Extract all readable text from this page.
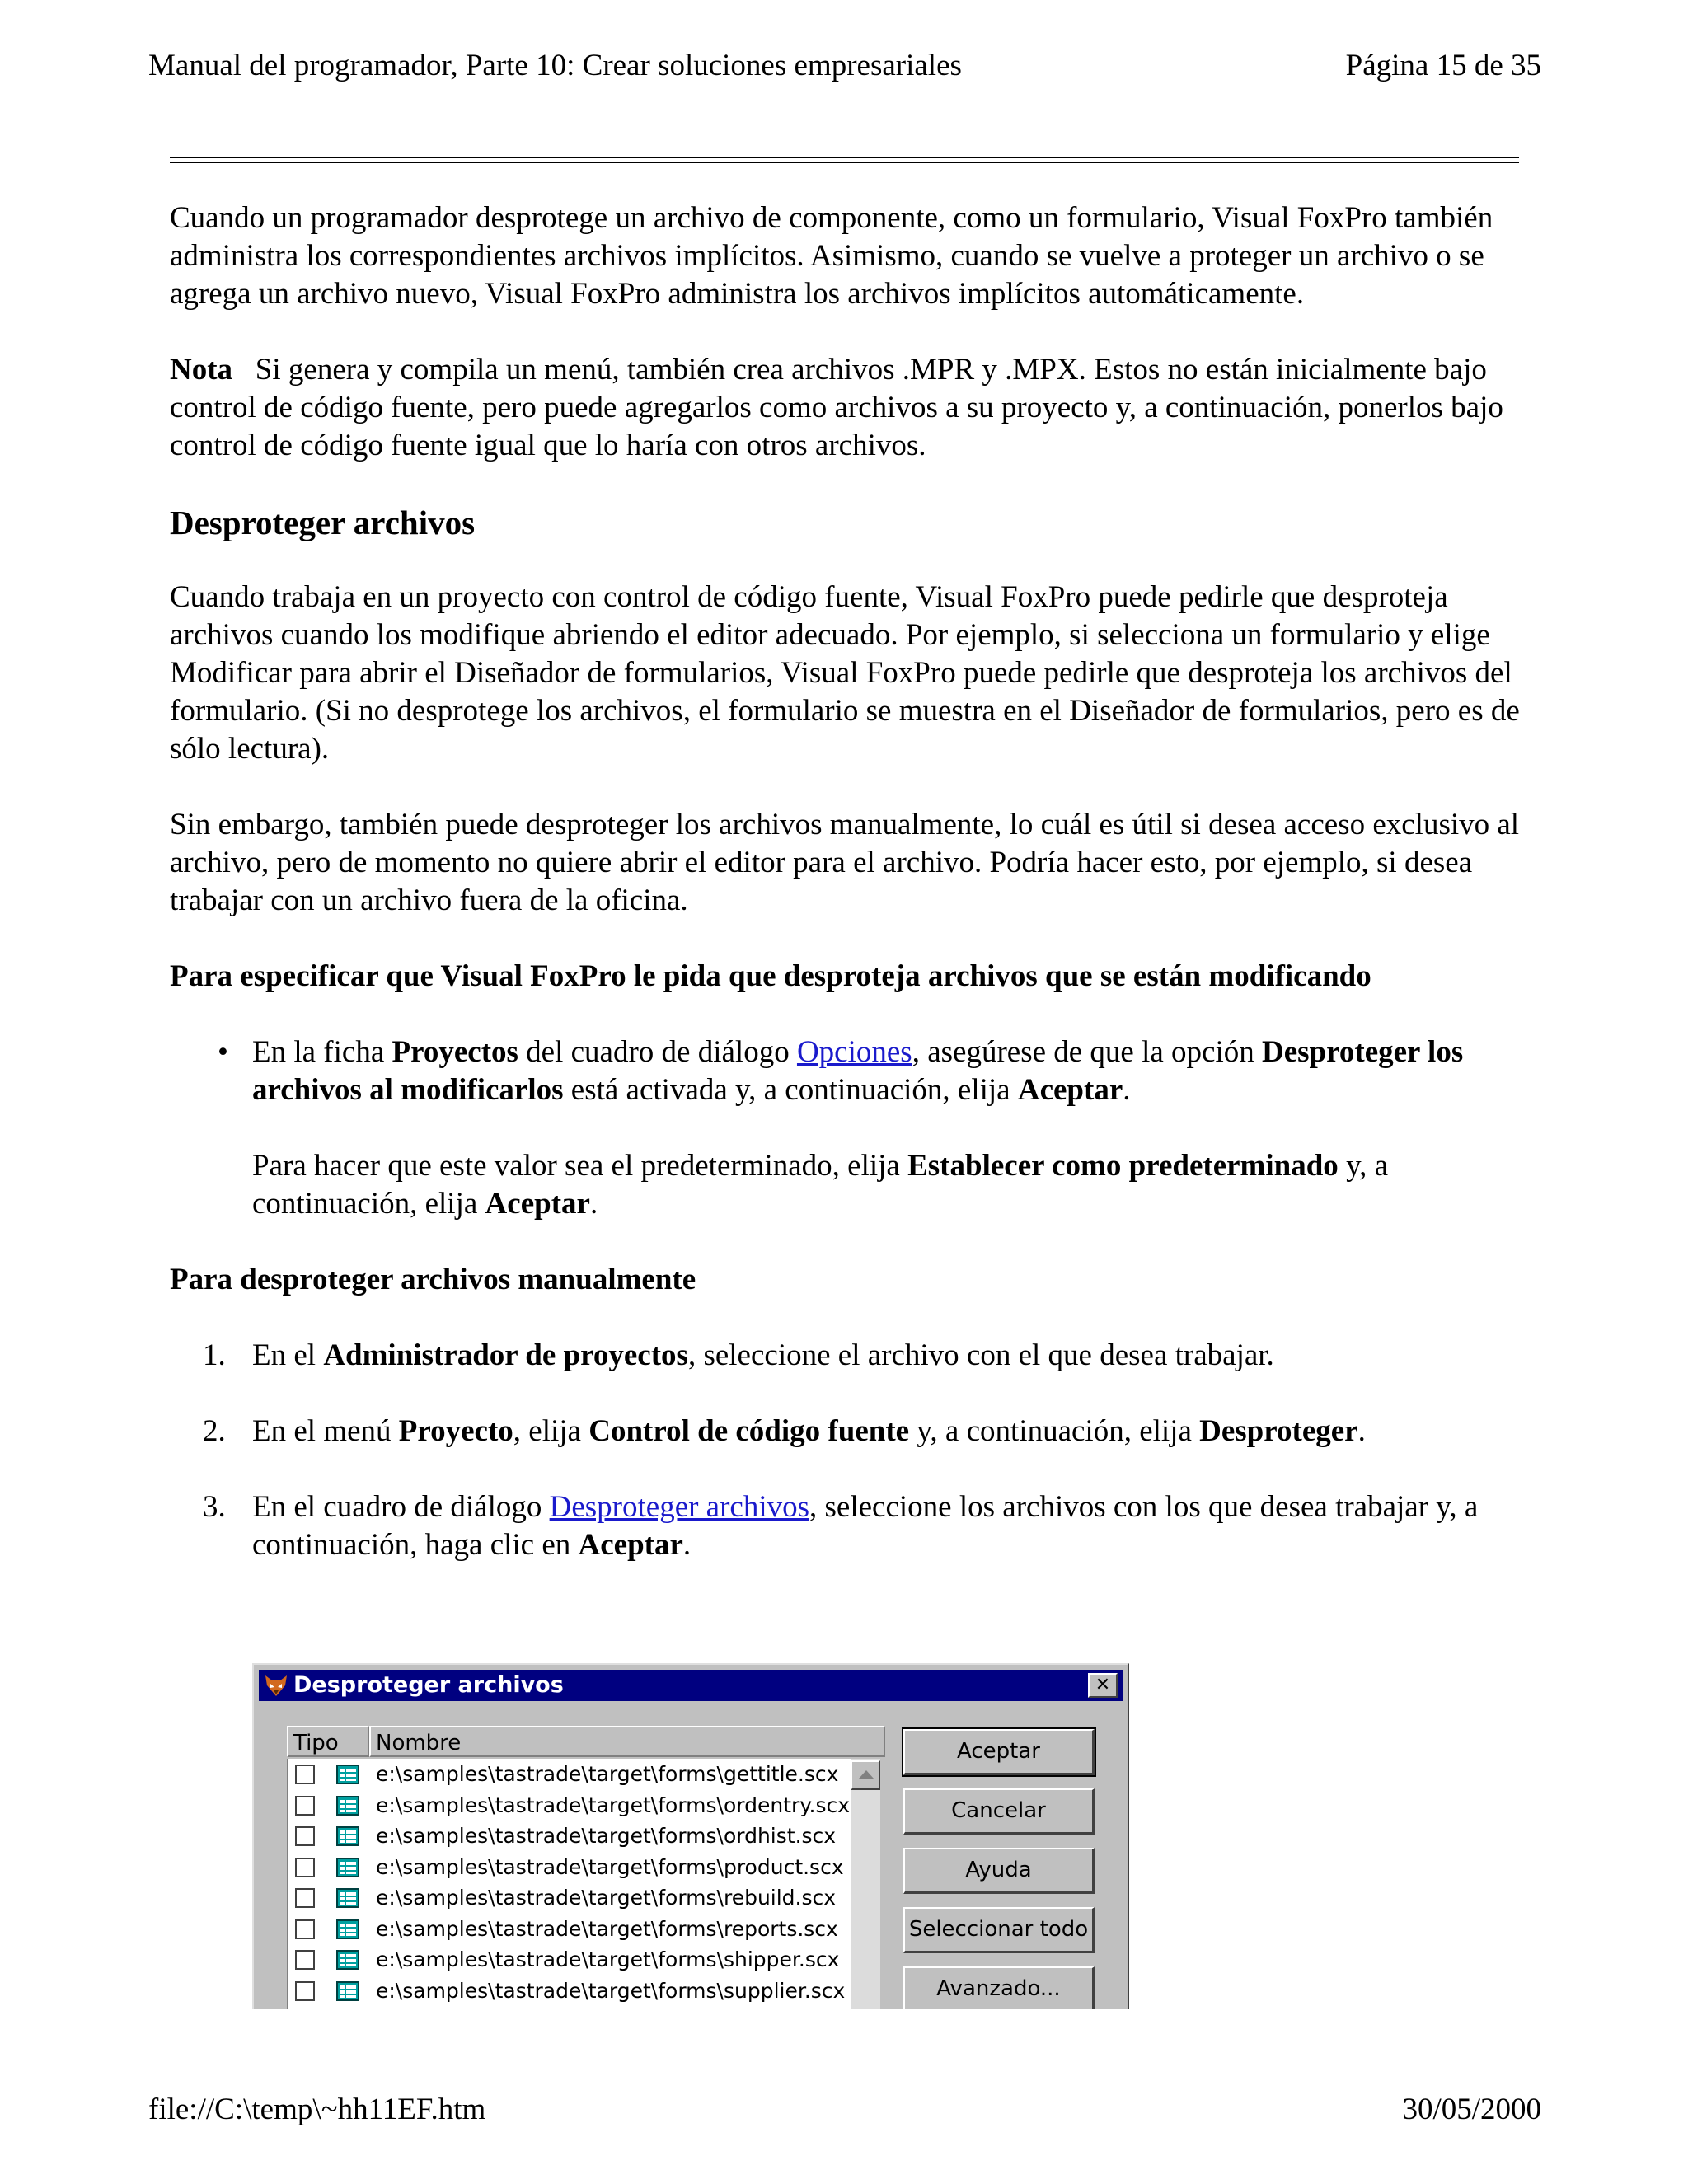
Manual del programador, Parte 10: Crear soluciones empresariales	Página 15 de 35

Cuando un programador desprotege un archivo de componente, como un formulario, Visual FoxPro también administra los correspondientes archivos implícitos. Asimismo, cuando se vuelve a proteger un archivo o se agrega un archivo nuevo, Visual FoxPro administra los archivos implícitos automáticamente.

Nota Si genera y compila un menú, también crea archivos .MPR y .MPX. Estos no están inicialmente bajo control de código fuente, pero puede agregarlos como archivos a su proyecto y, a continuación, ponerlos bajo control de código fuente igual que lo haría con otros archivos.

Desproteger archivos

Cuando trabaja en un proyecto con control de código fuente, Visual FoxPro puede pedirle que desproteja archivos cuando los modifique abriendo el editor adecuado. Por ejemplo, si selecciona un formulario y elige Modificar para abrir el Diseñador de formularios, Visual FoxPro puede pedirle que desproteja los archivos del formulario. (Si no desprotege los archivos, el formulario se muestra en el Diseñador de formularios, pero es de sólo lectura).

Sin embargo, también puede desproteger los archivos manualmente, lo cuál es útil si desea acceso exclusivo al archivo, pero de momento no quiere abrir el editor para el archivo. Podría hacer esto, por ejemplo, si desea trabajar con un archivo fuera de la oficina.

Para especificar que Visual FoxPro le pida que desproteja archivos que se están modificando
• En la ficha Proyectos del cuadro de diálogo Opciones, asegúrese de que la opción Desproteger los archivos al modificarlos está activada y, a continuación, elija Aceptar.
Para hacer que este valor sea el predeterminado, elija Establecer como predeterminado y, a continuación, elija Aceptar.
Para desproteger archivos manualmente
1. En el Administrador de proyectos, seleccione el archivo con el que desea trabajar.
2. En el menú Proyecto, elija Control de código fuente y, a continuación, elija Desproteger.
3. En el cuadro de diálogo Desproteger archivos, seleccione los archivos con los que desea trabajar y, a continuación, haga clic en Aceptar.
Desproteger archivos	✕
Tipo	Nombre
e:\samples\tastrade\target\forms\gettitle.scx
e:\samples\tastrade\target\forms\ordentry.scx
e:\samples\tastrade\target\forms\ordhist.scx
e:\samples\tastrade\target\forms\product.scx
e:\samples\tastrade\target\forms\rebuild.scx
e:\samples\tastrade\target\forms\reports.scx
e:\samples\tastrade\target\forms\shipper.scx
e:\samples\tastrade\target\forms\supplier.scx
Aceptar
Cancelar
Ayuda
Seleccionar todo
Avanzado...
file://C:\temp\~hh11EF.htm	30/05/2000
